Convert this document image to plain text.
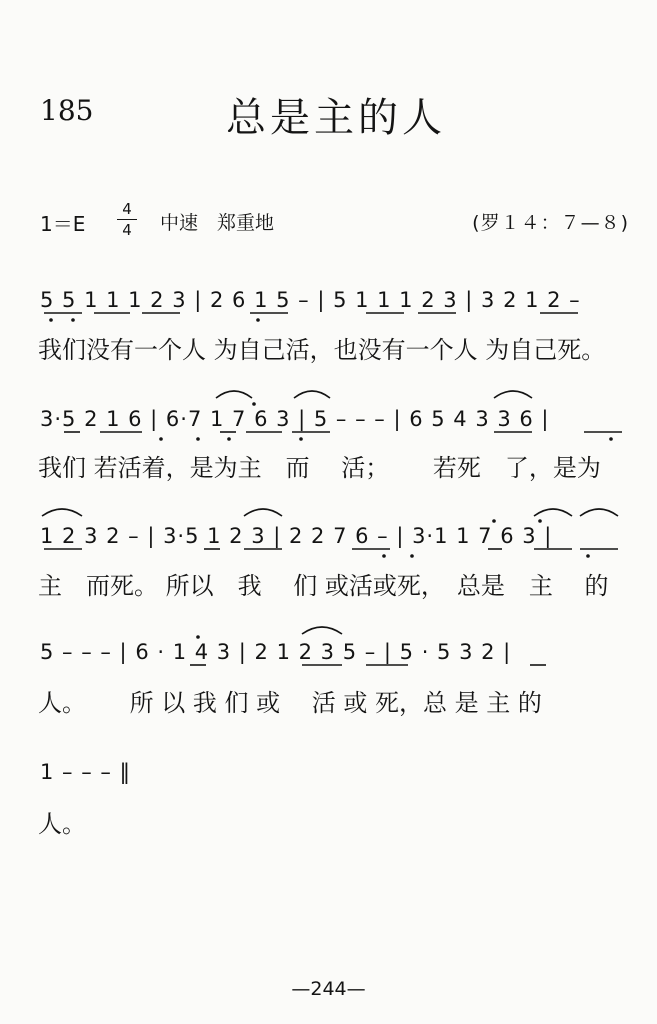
185	总是主的人
1＝E
4
4 中速　郑重地	(罗１４：７—８)
5 5 1 1 1 2 3 | 2 6 1 5 – | 5 1 1 1 2 3 | 3 2 1 2 –
我们没有一个人 为自己活，也没有一个人 为自己死。
3·5 2 1 6 | 6·7 1 7 6 3 | 5 – – – | 6 5 4 3 3 6 |
我们 若活着，是为主　而　 活；　　 若死　了，是为
1 2 3 2 – | 3·5 1 2 3 | 2 2 7 6 – | 3·1 1 7 6 3 |
主　而死。 所以　我　 们 或活或死，　总是　主　 的
5 – – – | 6 · 1 4 3 | 2 1 2 3 5 – | 5 · 5 3 2 |
人。　　 所 以 我 们 或　 活 或 死，总 是 主 的
1 – – – ‖
人。
—244—
